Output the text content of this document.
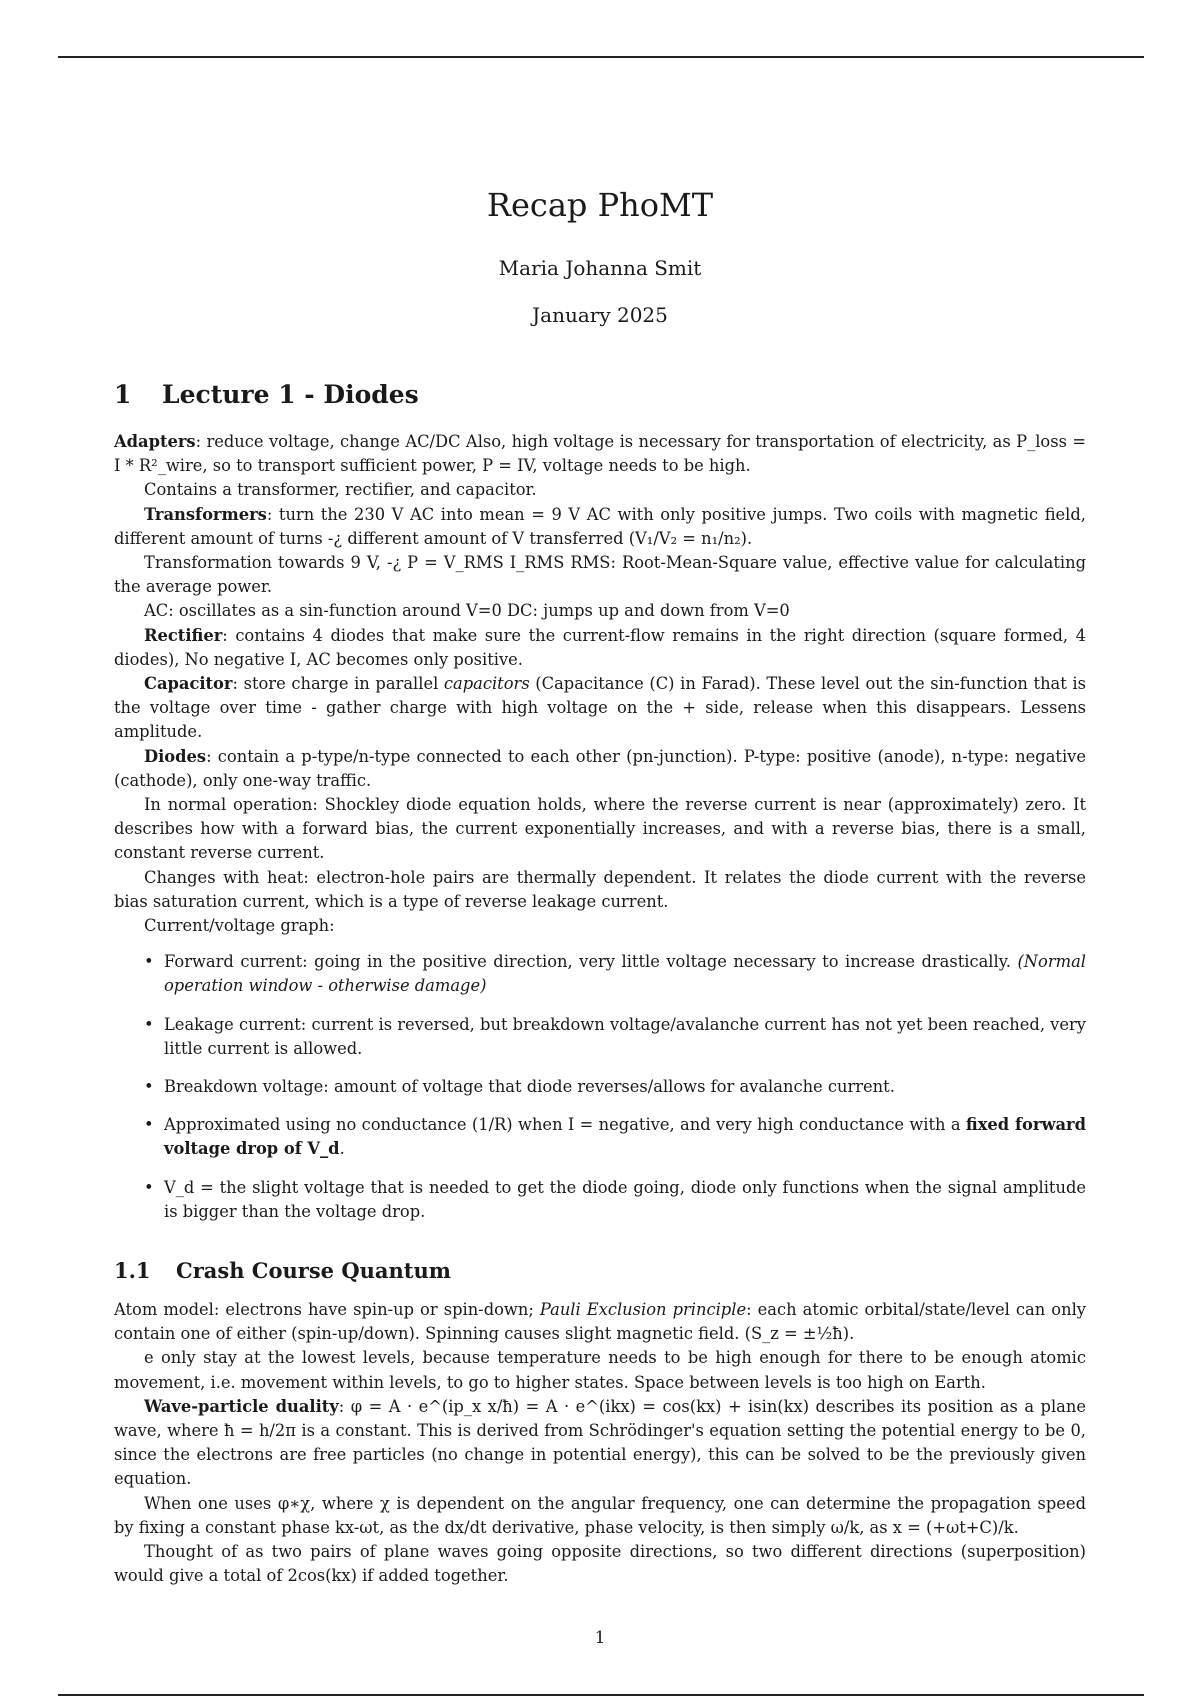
Recap PhoMT
Maria Johanna Smit
January 2025
1 Lecture 1 - Diodes

Adapters: reduce voltage, change AC/DC Also, high voltage is necessary for transportation of electricity, as P_loss = I * R²_wire, so to transport sufficient power, P = IV, voltage needs to be high.

Contains a transformer, rectifier, and capacitor.

Transformers: turn the 230 V AC into mean = 9 V AC with only positive jumps. Two coils with magnetic field, different amount of turns -¿ different amount of V transferred (V₁/V₂ = n₁/n₂).

Transformation towards 9 V, -¿ P = V_RMS I_RMS RMS: Root-Mean-Square value, effective value for calculating the average power.

AC: oscillates as a sin-function around V=0 DC: jumps up and down from V=0

Rectifier: contains 4 diodes that make sure the current-flow remains in the right direction (square formed, 4 diodes), No negative I, AC becomes only positive.

Capacitor: store charge in parallel capacitors (Capacitance (C) in Farad). These level out the sin-function that is the voltage over time - gather charge with high voltage on the + side, release when this disappears. Lessens amplitude.

Diodes: contain a p-type/n-type connected to each other (pn-junction). P-type: positive (anode), n-type: negative (cathode), only one-way traffic.

In normal operation: Shockley diode equation holds, where the reverse current is near (approximately) zero. It describes how with a forward bias, the current exponentially increases, and with a reverse bias, there is a small, constant reverse current.

Changes with heat: electron-hole pairs are thermally dependent. It relates the diode current with the reverse bias saturation current, which is a type of reverse leakage current.

Current/voltage graph:

• Forward current: going in the positive direction, very little voltage necessary to increase drastically. (Normal operation window - otherwise damage)
• Leakage current: current is reversed, but breakdown voltage/avalanche current has not yet been reached, very little current is allowed.
• Breakdown voltage: amount of voltage that diode reverses/allows for avalanche current.
• Approximated using no conductance (1/R) when I = negative, and very high conductance with a fixed forward voltage drop of V_d.
• V_d = the slight voltage that is needed to get the diode going, diode only functions when the signal amplitude is bigger than the voltage drop.
1.1 Crash Course Quantum

Atom model: electrons have spin-up or spin-down; Pauli Exclusion principle: each atomic orbital/state/level can only contain one of either (spin-up/down). Spinning causes slight magnetic field. (S_z = ±½ħ).

e only stay at the lowest levels, because temperature needs to be high enough for there to be enough atomic movement, i.e. movement within levels, to go to higher states. Space between levels is too high on Earth.

Wave-particle duality: φ = A · e^(ip_x x/ħ) = A · e^(ikx) = cos(kx) + isin(kx) describes its position as a plane wave, where ħ = h/2π is a constant. This is derived from Schrödinger's equation setting the potential energy to be 0, since the electrons are free particles (no change in potential energy), this can be solved to be the previously given equation.

When one uses φ∗χ, where χ is dependent on the angular frequency, one can determine the propagation speed by fixing a constant phase kx-ωt, as the dx/dt derivative, phase velocity, is then simply ω/k, as x = (+ωt+C)/k.

Thought of as two pairs of plane waves going opposite directions, so two different directions (superposition) would give a total of 2cos(kx) if added together.

1
